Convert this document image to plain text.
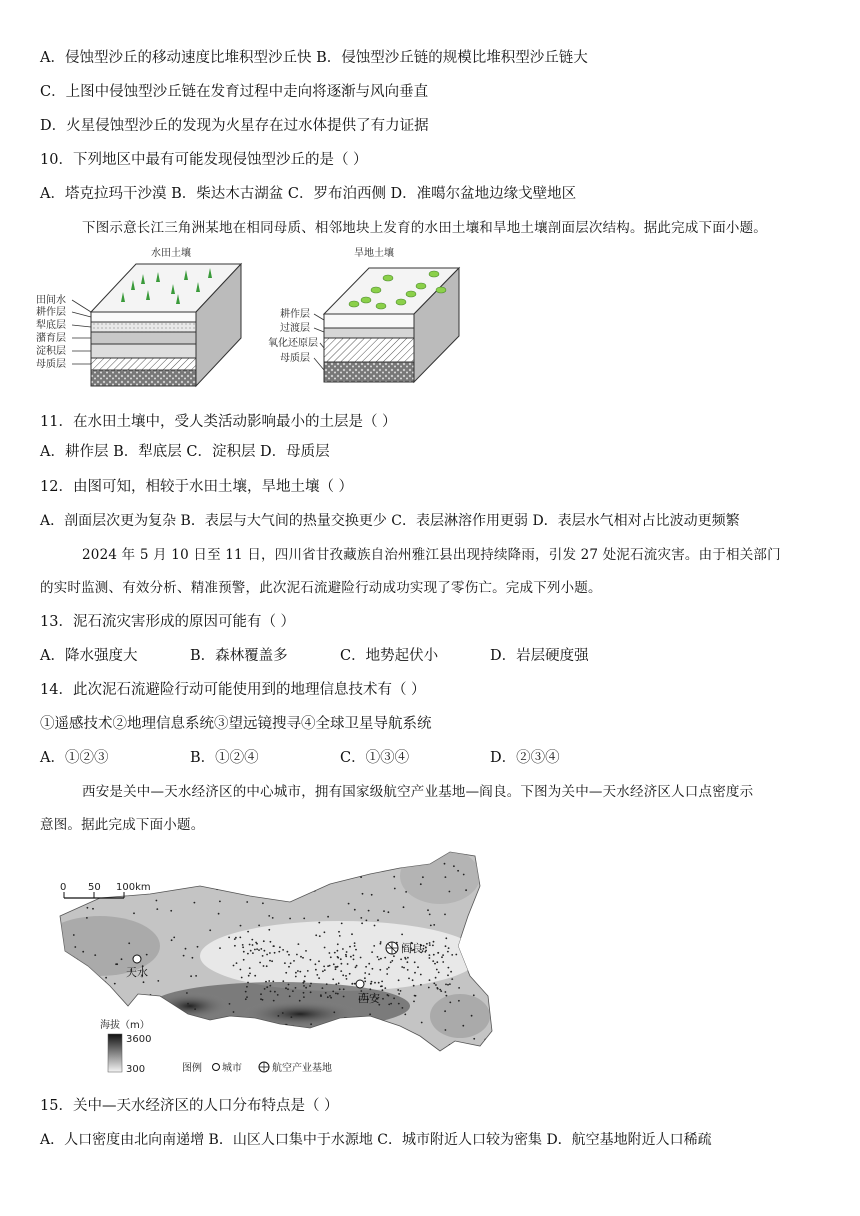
A．侵蚀型沙丘的移动速度比堆积型沙丘快 B．侵蚀型沙丘链的规模比堆积型沙丘链大
C．上图中侵蚀型沙丘链在发育过程中走向将逐渐与风向垂直
D．火星侵蚀型沙丘的发现为火星存在过水体提供了有力证据
10．下列地区中最有可能发现侵蚀型沙丘的是（ ）
A．塔克拉玛干沙漠 B．柴达木古湖盆 C．罗布泊西侧 D．准噶尔盆地边缘戈壁地区
下图示意长江三角洲某地在相同母质、相邻地块上发育的水田土壤和旱地土壤剖面层次结构。据此完成下面小题。
水田土壤
田间水
耕作层
犁底层
潴育层
淀积层
母质层
旱地土壤
耕作层
过渡层
氧化还原层
母质层
11．在水田土壤中，受人类活动影响最小的土层是（ ）
A．耕作层 B．犁底层 C．淀积层 D．母质层
12．由图可知，相较于水田土壤，旱地土壤（ ）
A．剖面层次更为复杂 B．表层与大气间的热量交换更少 C．表层淋溶作用更弱 D．表层水气相对占比波动更频繁
2024 年 5 月 10 日至 11 日，四川省甘孜藏族自治州雅江县出现持续降雨，引发 27 处泥石流灾害。由于相关部门
的实时监测、有效分析、精准预警，此次泥石流避险行动成功实现了零伤亡。完成下列小题。
13．泥石流灾害形成的原因可能有（ ）
A．降水强度大	B．森林覆盖多	C．地势起伏小	D．岩层硬度强
14．此次泥石流避险行动可能使用到的地理信息技术有（ ）
①遥感技术②地理信息系统③望远镜搜寻④全球卫星导航系统
A．①②③	B．①②④	C．①③④	D．②③④
西安是关中—天水经济区的中心城市，拥有国家级航空产业基地—阎良。下图为关中—天水经济区人口点密度示
意图。据此完成下面小题。
0 50 100km
天水
西安
阎良
海拔（m）
3600
300	图例 城市	航空产业基地
15．关中—天水经济区的人口分布特点是（ ）
A．人口密度由北向南递增 B．山区人口集中于水源地 C．城市附近人口较为密集 D．航空基地附近人口稀疏
